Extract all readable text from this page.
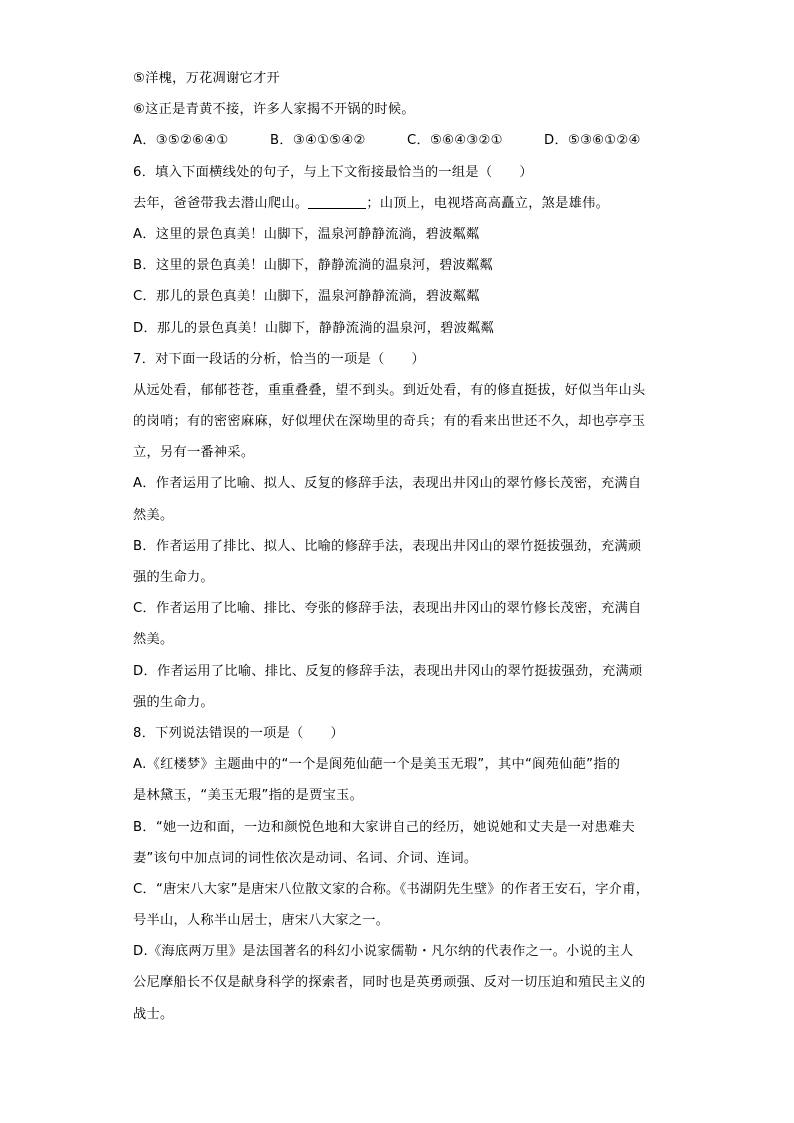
⑤洋槐，万花凋谢它才开
⑥这正是青黄不接，许多人家揭不开锅的时候。
A．③⑤②⑥④①	B．③④①⑤④②	C．⑤⑥④③②①	D．⑤③⑥①②④
6．填入下面横线处的句子，与上下文衔接最恰当的一组是（　　）
去年，爸爸带我去潜山爬山。	；山顶上，电视塔高高矗立，煞是雄伟。
A．这里的景色真美！山脚下，温泉河静静流淌，碧波粼粼
B．这里的景色真美！山脚下，静静流淌的温泉河，碧波粼粼
C．那儿的景色真美！山脚下，温泉河静静流淌，碧波粼粼
D．那儿的景色真美！山脚下，静静流淌的温泉河，碧波粼粼
7．对下面一段话的分析，恰当的一项是（　　）
从远处看，郁郁苍苍，重重叠叠，望不到头。到近处看，有的修直挺拔，好似当年山头
的岗哨；有的密密麻麻，好似埋伏在深坳里的奇兵；有的看来出世还不久，却也亭亭玉
立，另有一番神采。
A．作者运用了比喻、拟人、反复的修辞手法，表现出井冈山的翠竹修长茂密，充满自
然美。
B．作者运用了排比、拟人、比喻的修辞手法，表现出井冈山的翠竹挺拔强劲，充满顽
强的生命力。
C．作者运用了比喻、排比、夸张的修辞手法，表现出井冈山的翠竹修长茂密，充满自
然美。
D．作者运用了比喻、排比、反复的修辞手法，表现出井冈山的翠竹挺拔强劲，充满顽
强的生命力。
8．下列说法错误的一项是（　　）
A.《红楼梦》主题曲中的“一个是阆苑仙葩一个是美玉无瑕”，其中“阆苑仙葩”指的
是林黛玉，“美玉无瑕”指的是贾宝玉。
B．“她一边和面，一边和颜悦色地和大家讲自己的经历，她说她和丈夫是一对患难夫
妻”该句中加点词的词性依次是动词、名词、介词、连词。
C．“唐宋八大家”是唐宋八位散文家的合称。《书湖阴先生壁》的作者王安石，字介甫，
号半山，人称半山居士，唐宋八大家之一。
D.《海底两万里》是法国著名的科幻小说家儒勒・凡尔纳的代表作之一。小说的主人
公尼摩船长不仅是献身科学的探索者，同时也是英勇顽强、反对一切压迫和殖民主义的
战士。
